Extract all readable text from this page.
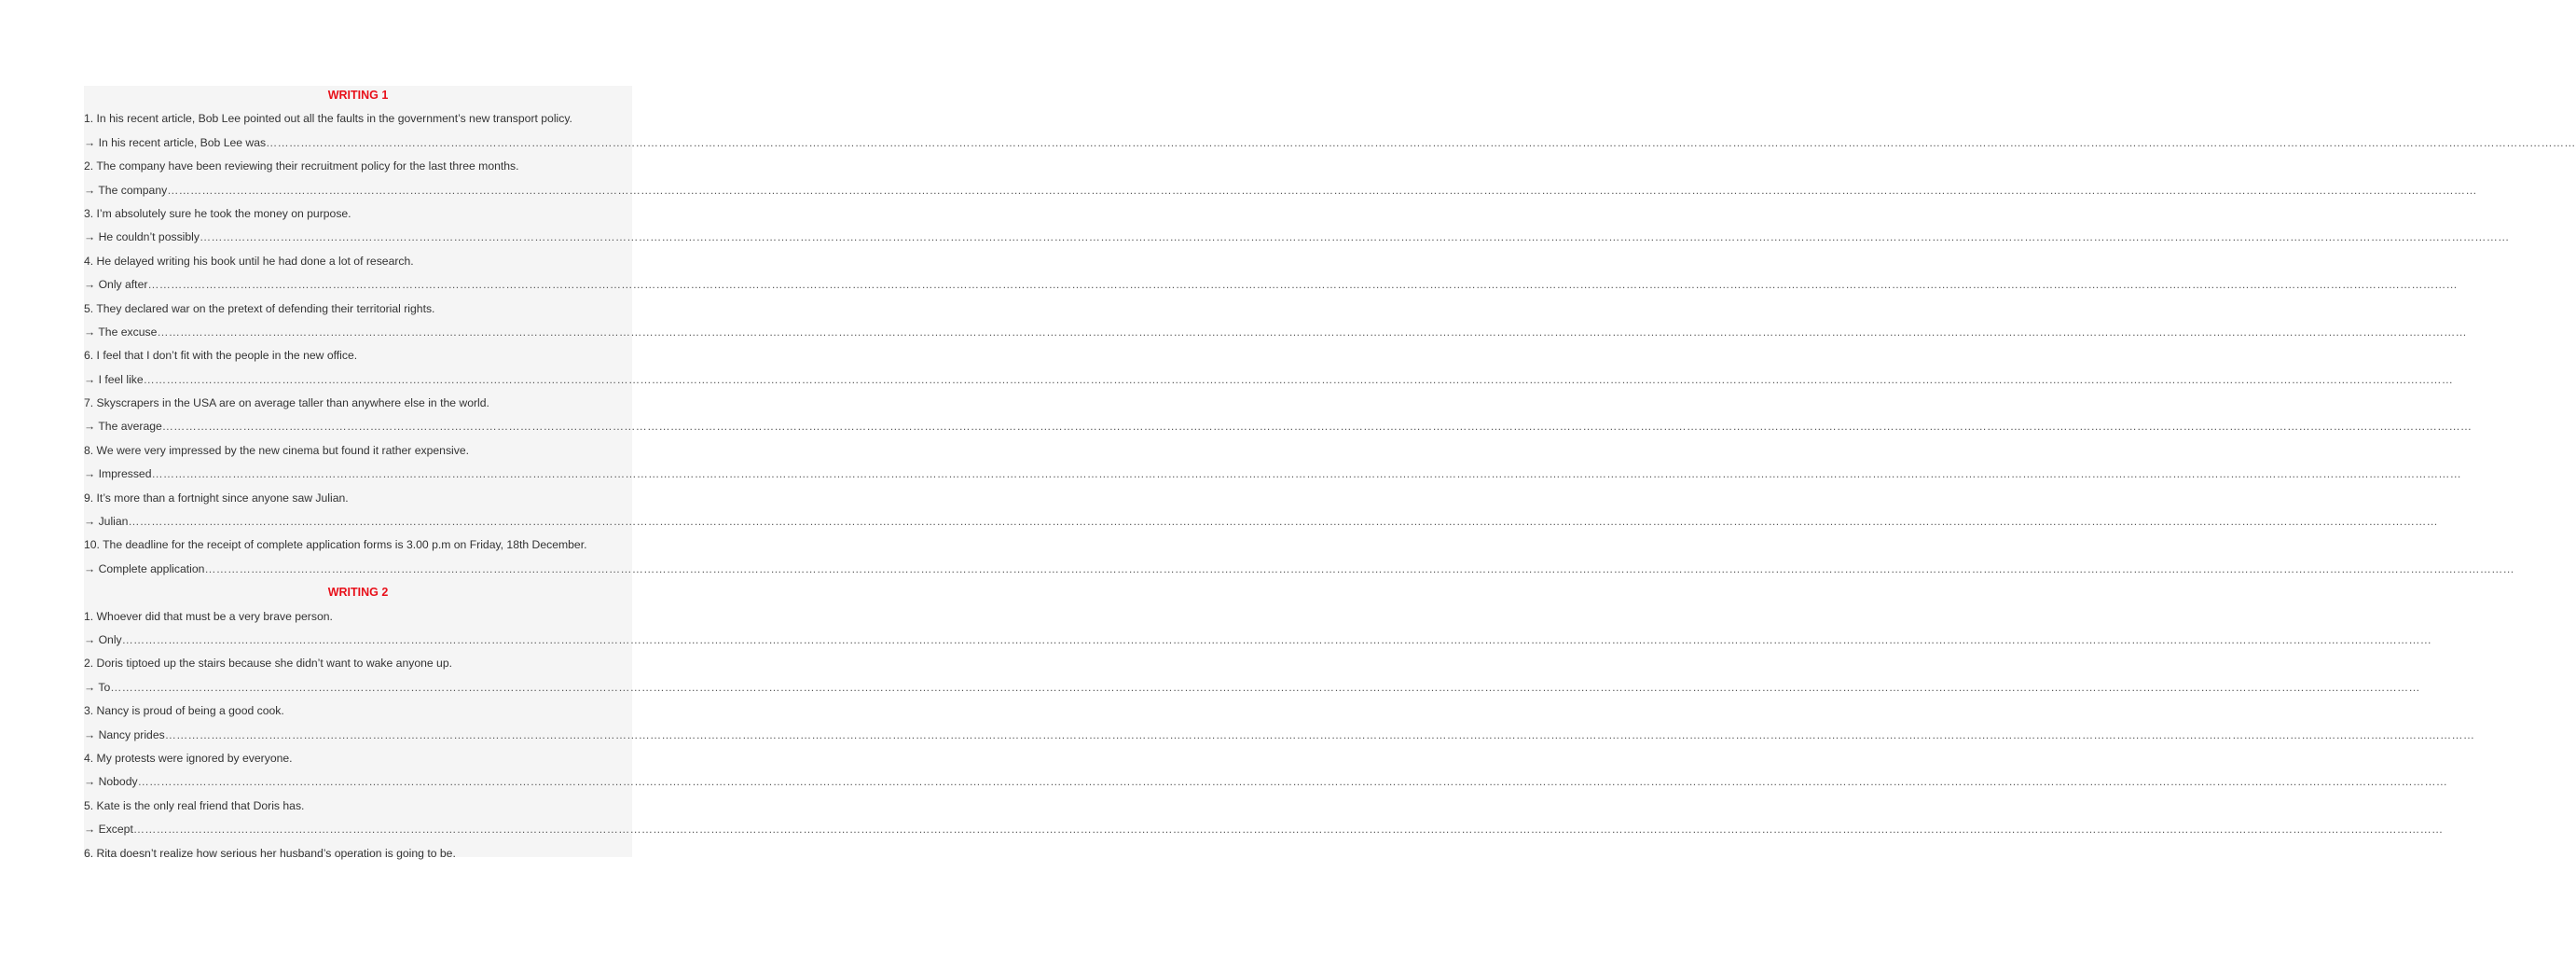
WRITING 1
1. In his recent article, Bob Lee pointed out all the faults in the government’s new transport policy.
→ In his recent article, Bob Lee was ……………………………………………………………………………………………………………………………………………………………………………………………………………………………………………………………………………………………………………………………………………………………………………………………………………………………………………………………………………………………………………………………………………………
2. The company have been reviewing their recruitment policy for the last three months.
→ The company ……………………………………………………………………………………………………………………………………………………………………………………………………………………………………………………………………………………………………………………………………………………………………………………………………………………………………………………………………………………………………………………………………………………
3. I’m absolutely sure he took the money on purpose.
→ He couldn’t possibly ……………………………………………………………………………………………………………………………………………………………………………………………………………………………………………………………………………………………………………………………………………………………………………………………………………………………………………………………………………………………………………………………………………………
4. He delayed writing his book until he had done a lot of research.
→ Only after ……………………………………………………………………………………………………………………………………………………………………………………………………………………………………………………………………………………………………………………………………………………………………………………………………………………………………………………………………………………………………………………………………………………
5. They declared war on the pretext of defending their territorial rights.
→ The excuse ……………………………………………………………………………………………………………………………………………………………………………………………………………………………………………………………………………………………………………………………………………………………………………………………………………………………………………………………………………………………………………………………………………………
6. I feel that I don’t fit with the people in the new office.
→ I feel like ……………………………………………………………………………………………………………………………………………………………………………………………………………………………………………………………………………………………………………………………………………………………………………………………………………………………………………………………………………………………………………………………………………………
7. Skyscrapers in the USA are on average taller than anywhere else in the world.
→ The average ……………………………………………………………………………………………………………………………………………………………………………………………………………………………………………………………………………………………………………………………………………………………………………………………………………………………………………………………………………………………………………………………………………………
8. We were very impressed by the new cinema but found it rather expensive.
→ Impressed ……………………………………………………………………………………………………………………………………………………………………………………………………………………………………………………………………………………………………………………………………………………………………………………………………………………………………………………………………………………………………………………………………………………
9. It’s more than a fortnight since anyone saw Julian.
→ Julian ……………………………………………………………………………………………………………………………………………………………………………………………………………………………………………………………………………………………………………………………………………………………………………………………………………………………………………………………………………………………………………………………………………………
10. The deadline for the receipt of complete application forms is 3.00 p.m on Friday, 18th December.
→ Complete application ……………………………………………………………………………………………………………………………………………………………………………………………………………………………………………………………………………………………………………………………………………………………………………………………………………………………………………………………………………………………………………………………………………………
WRITING 2
1. Whoever did that must be a very brave person.
→ Only ……………………………………………………………………………………………………………………………………………………………………………………………………………………………………………………………………………………………………………………………………………………………………………………………………………………………………………………………………………………………………………………………………………………
2. Doris tiptoed up the stairs because she didn’t want to wake anyone up.
→ To ……………………………………………………………………………………………………………………………………………………………………………………………………………………………………………………………………………………………………………………………………………………………………………………………………………………………………………………………………………………………………………………………………………………
3. Nancy is proud of being a good cook.
→ Nancy prides ……………………………………………………………………………………………………………………………………………………………………………………………………………………………………………………………………………………………………………………………………………………………………………………………………………………………………………………………………………………………………………………………………………………
4. My protests were ignored by everyone.
→ Nobody ……………………………………………………………………………………………………………………………………………………………………………………………………………………………………………………………………………………………………………………………………………………………………………………………………………………………………………………………………………………………………………………………………………………
5. Kate is the only real friend that Doris has.
→ Except ……………………………………………………………………………………………………………………………………………………………………………………………………………………………………………………………………………………………………………………………………………………………………………………………………………………………………………………………………………………………………………………………………………………
6. Rita doesn’t realize how serious her husband’s operation is going to be.
